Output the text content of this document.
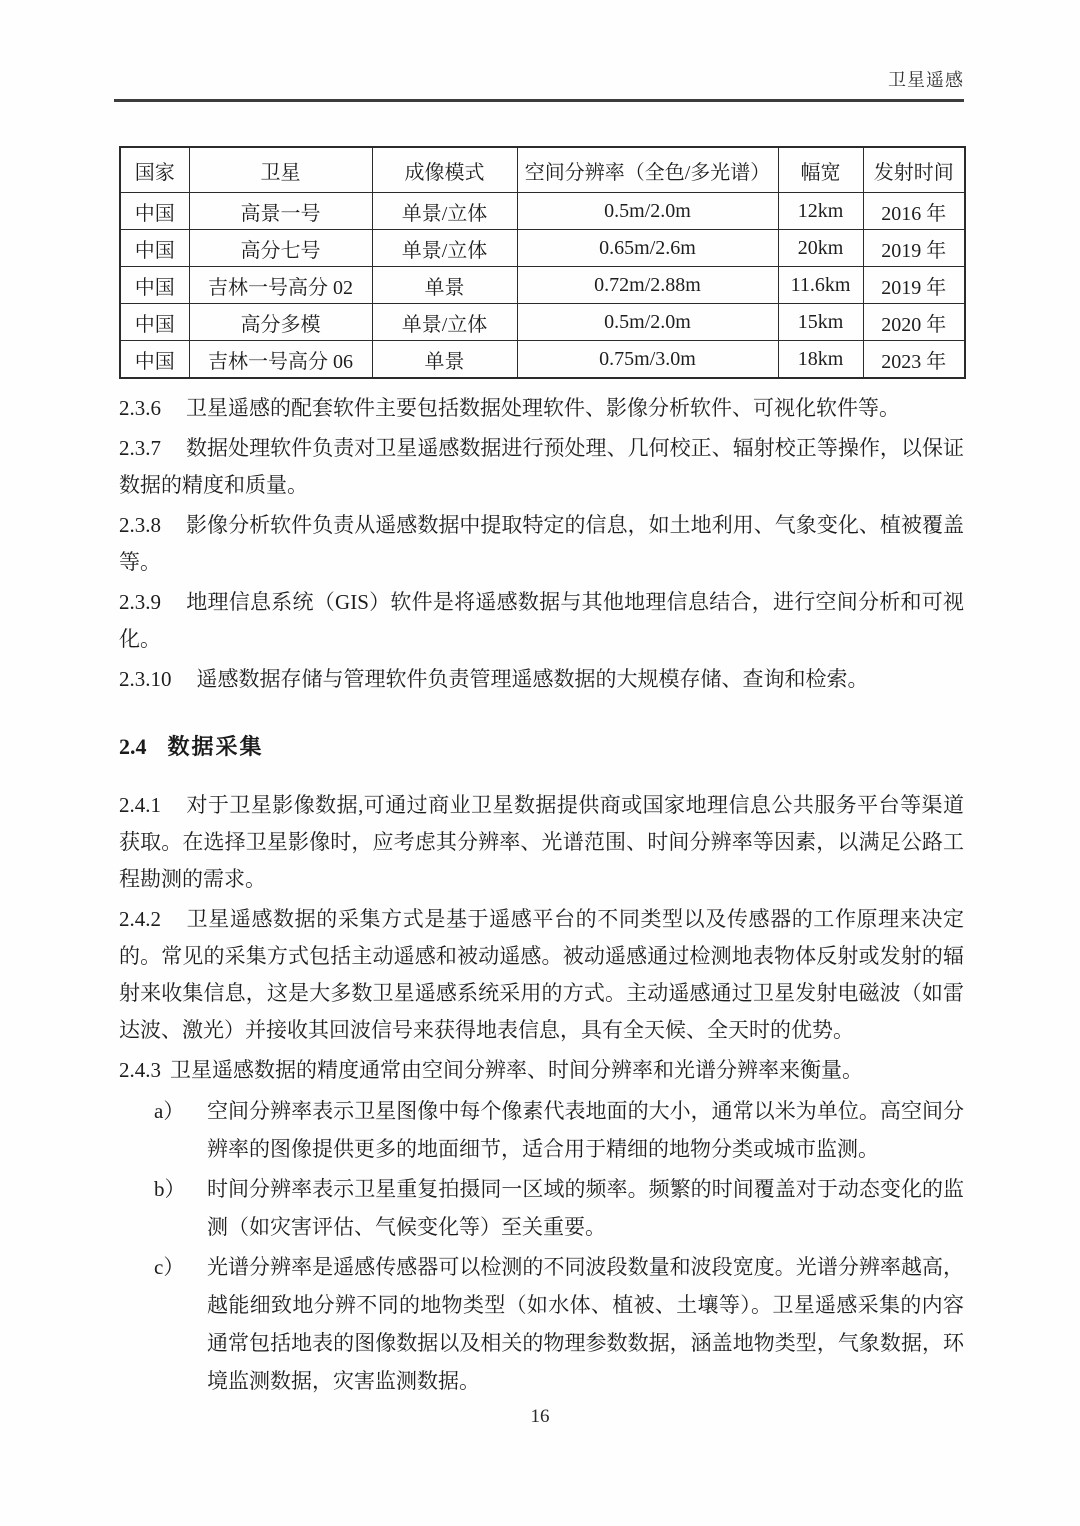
卫星遥感
国家	卫星	成像模式	空间分辨率（全色/多光谱）	幅宽	发射时间
中国	高景一号	单景/立体	0.5m/2.0m	12km	2016 年
中国	高分七号	单景/立体	0.65m/2.6m	20km	2019 年
中国	吉林一号高分 02	单景	0.72m/2.88m	11.6km	2019 年
中国	高分多模	单景/立体	0.5m/2.0m	15km	2020 年
中国	吉林一号高分 06	单景	0.75m/3.0m	18km	2023 年

2.3.6 卫星遥感的配套软件主要包括数据处理软件、影像分析软件、可视化软件等。

2.3.7 数据处理软件负责对卫星遥感数据进行预处理、几何校正、辐射校正等操作，以保证数据的精度和质量。

2.3.8 影像分析软件负责从遥感数据中提取特定的信息，如土地利用、气象变化、植被覆盖等。

2.3.9 地理信息系统（GIS）软件是将遥感数据与其他地理信息结合，进行空间分析和可视化。

2.3.10 遥感数据存储与管理软件负责管理遥感数据的大规模存储、查询和检索。

2.4 数据采集

2.4.1 对于卫星影像数据,可通过商业卫星数据提供商或国家地理信息公共服务平台等渠道获取。在选择卫星影像时，应考虑其分辨率、光谱范围、时间分辨率等因素，以满足公路工程勘测的需求。

2.4.2 卫星遥感数据的采集方式是基于遥感平台的不同类型以及传感器的工作原理来决定的。常见的采集方式包括主动遥感和被动遥感。被动遥感通过检测地表物体反射或发射的辐射来收集信息，这是大多数卫星遥感系统采用的方式。主动遥感通过卫星发射电磁波（如雷达波、激光）并接收其回波信号来获得地表信息，具有全天候、全天时的优势。

2.4.3 卫星遥感数据的精度通常由空间分辨率、时间分辨率和光谱分辨率来衡量。

a） 空间分辨率表示卫星图像中每个像素代表地面的大小，通常以米为单位。高空间分辨率的图像提供更多的地面细节，适合用于精细的地物分类或城市监测。

b） 时间分辨率表示卫星重复拍摄同一区域的频率。频繁的时间覆盖对于动态变化的监测（如灾害评估、气候变化等）至关重要。

c） 光谱分辨率是遥感传感器可以检测的不同波段数量和波段宽度。光谱分辨率越高，越能细致地分辨不同的地物类型（如水体、植被、土壤等）。卫星遥感采集的内容通常包括地表的图像数据以及相关的物理参数数据，涵盖地物类型，气象数据，环境监测数据，灾害监测数据。

16
